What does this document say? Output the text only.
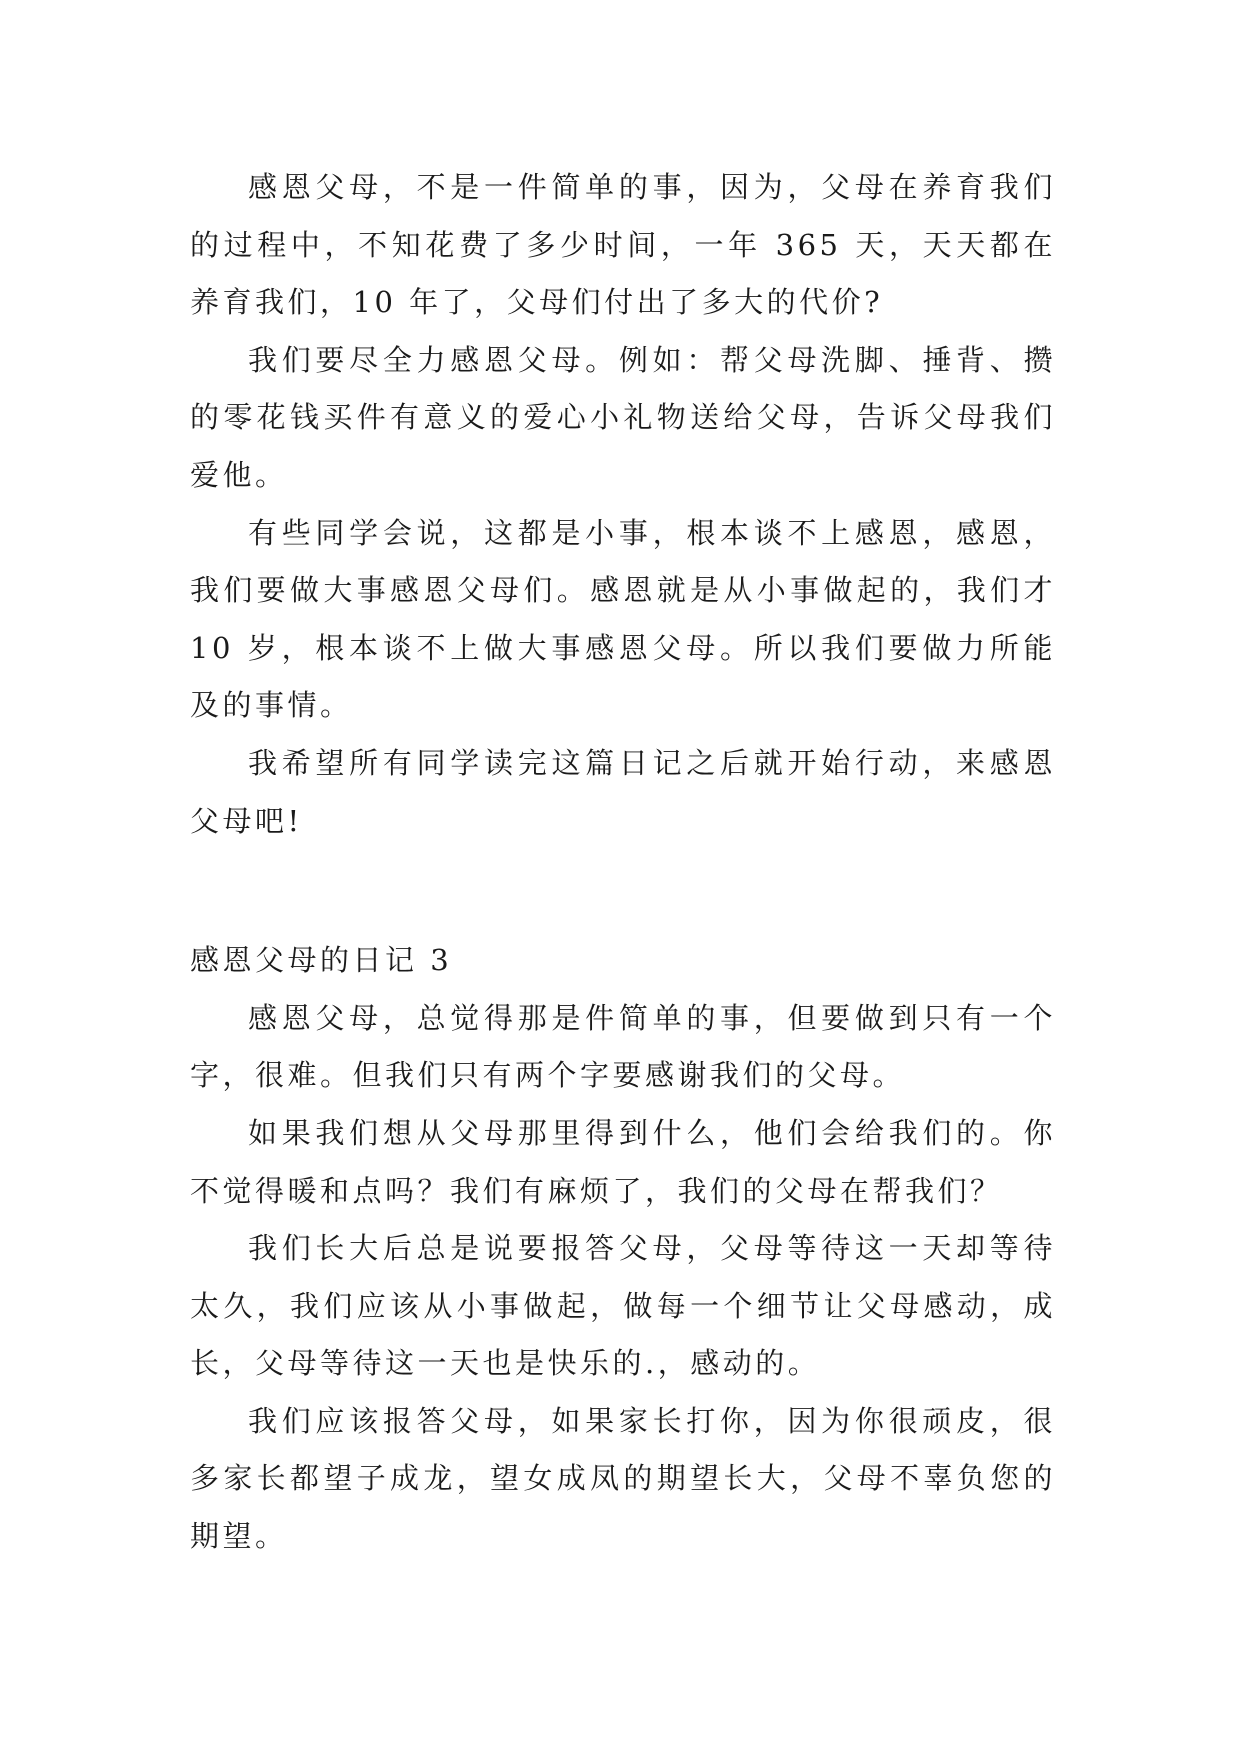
感恩父母，不是一件简单的事，因为，父母在养育我们的过程中，不知花费了多少时间，一年 365 天，天天都在养育我们，10 年了，父母们付出了多大的代价?

我们要尽全力感恩父母。例如：帮父母洗脚、捶背、攒的零花钱买件有意义的爱心小礼物送给父母，告诉父母我们爱他。

有些同学会说，这都是小事，根本谈不上感恩，感恩，我们要做大事感恩父母们。感恩就是从小事做起的，我们才10 岁，根本谈不上做大事感恩父母。所以我们要做力所能及的事情。

我希望所有同学读完这篇日记之后就开始行动，来感恩父母吧!

感恩父母的日记 3

感恩父母，总觉得那是件简单的事，但要做到只有一个字，很难。但我们只有两个字要感谢我们的父母。

如果我们想从父母那里得到什么，他们会给我们的。你不觉得暖和点吗？我们有麻烦了，我们的父母在帮我们？

我们长大后总是说要报答父母，父母等待这一天却等待太久，我们应该从小事做起，做每一个细节让父母感动，成长，父母等待这一天也是快乐的.，感动的。

我们应该报答父母，如果家长打你，因为你很顽皮，很多家长都望子成龙，望女成凤的期望长大，父母不辜负您的期望。
